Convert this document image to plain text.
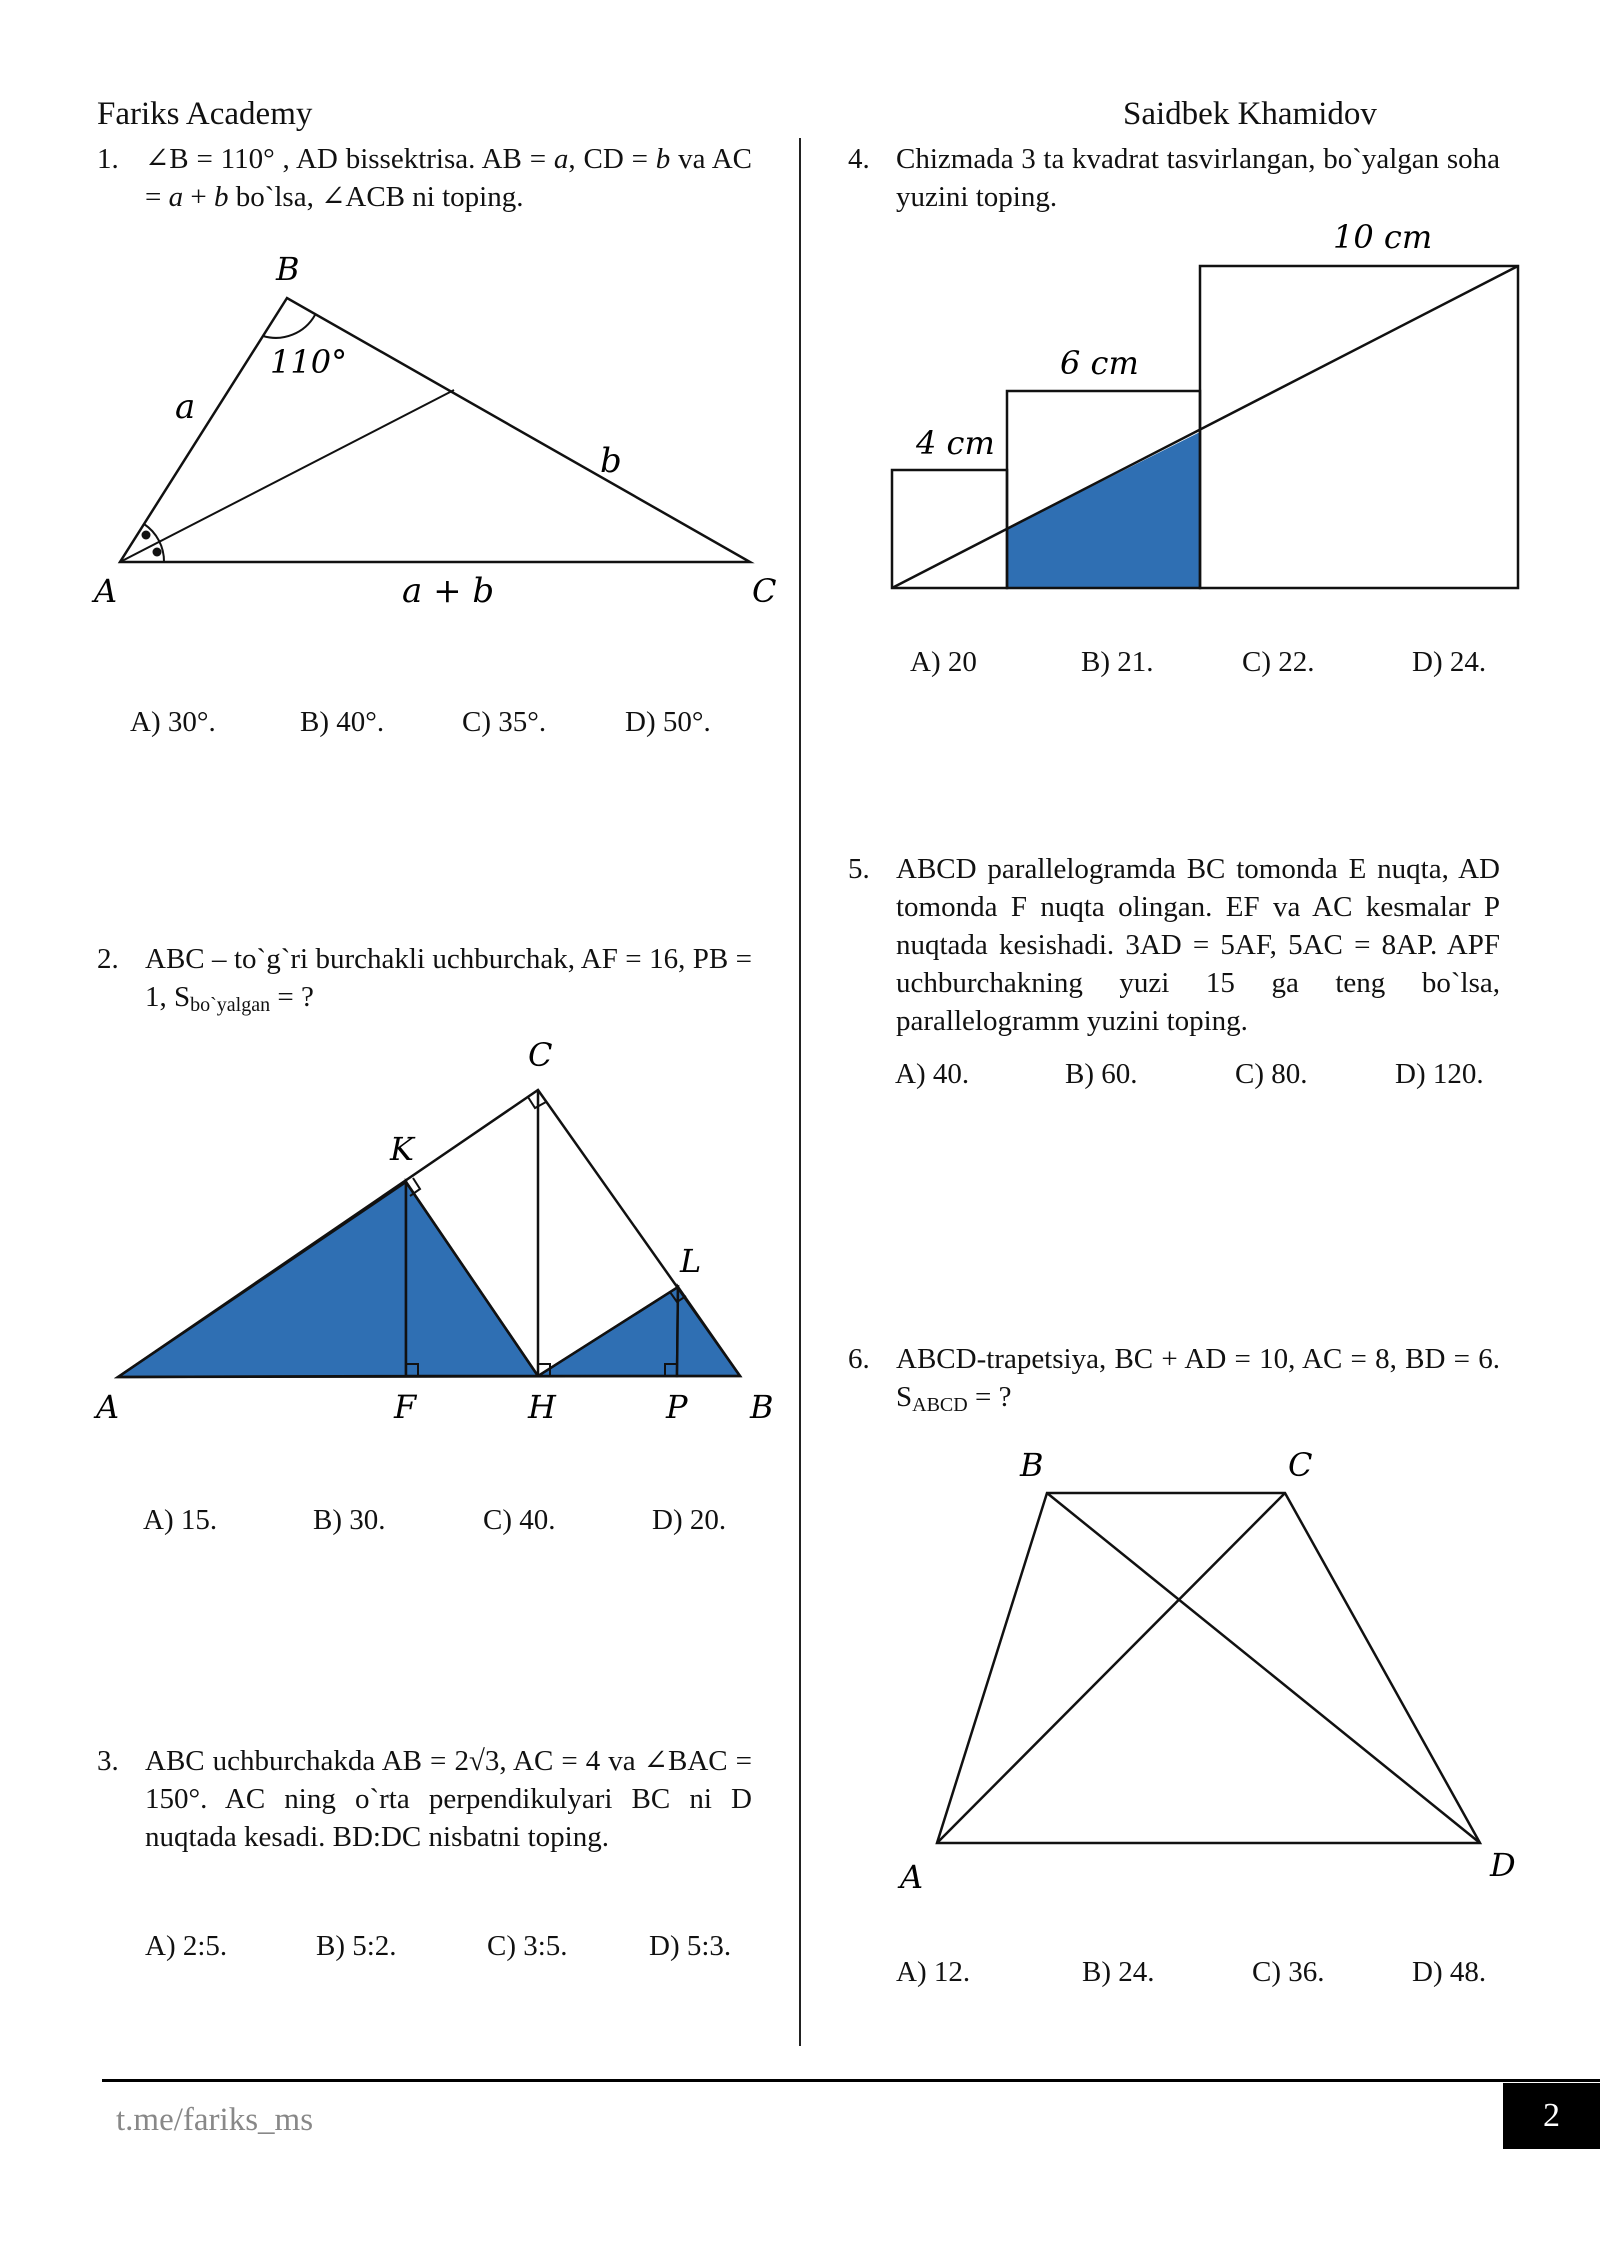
Fariks Academy	Saidbek Khamidov
1. ∠B = 110° , AD bissektrisa. AB = a, CD = b va AC = a + b bo`lsa, ∠ACB ni toping.
B
110°
a
b
A	a + b	C
A) 30°.	B) 40°.	C) 35°.	D) 50°.
2. ABC – to`g`ri burchakli uchburchak, AF = 16, PB = 1, $S_{bo`yalgan}$ = ?
C
K
L
A	F	H	P B
A) 15.	B) 30.	C) 40.	D) 20.
3. ABC uchburchakda AB = 2√3, AC = 4 va ∠BAC = 150°. AC ning o`rta perpendikulyari BC ni D nuqtada kesadi. BD:DC nisbatni toping.
A) 2:5.	B) 5:2.	C) 3:5.	D) 5:3.
4. Chizmada 3 ta kvadrat tasvirlangan, bo`yalgan soha yuzini toping.
4 cm
6 cm
10 cm
A) 20	B) 21.	C) 22.	D) 24.
5. ABCD parallelogramda BC tomonda E nuqta, AD tomonda F nuqta olingan. EF va AC kesmalar P nuqtada kesishadi. 3AD = 5AF, 5AC = 8AP. APF uchburchakning yuzi 15 ga teng bo`lsa, parallelogramm yuzini toping.
A) 40.	B) 60.	C) 80.	D) 120.
6. ABCD-trapetsiya, BC + AD = 10, AC = 8, BD = 6. $S_{ABCD}$ = ?
B	C
A	D
A) 12.	B) 24.	C) 36.	D) 48.
t.me/fariks_ms	2
